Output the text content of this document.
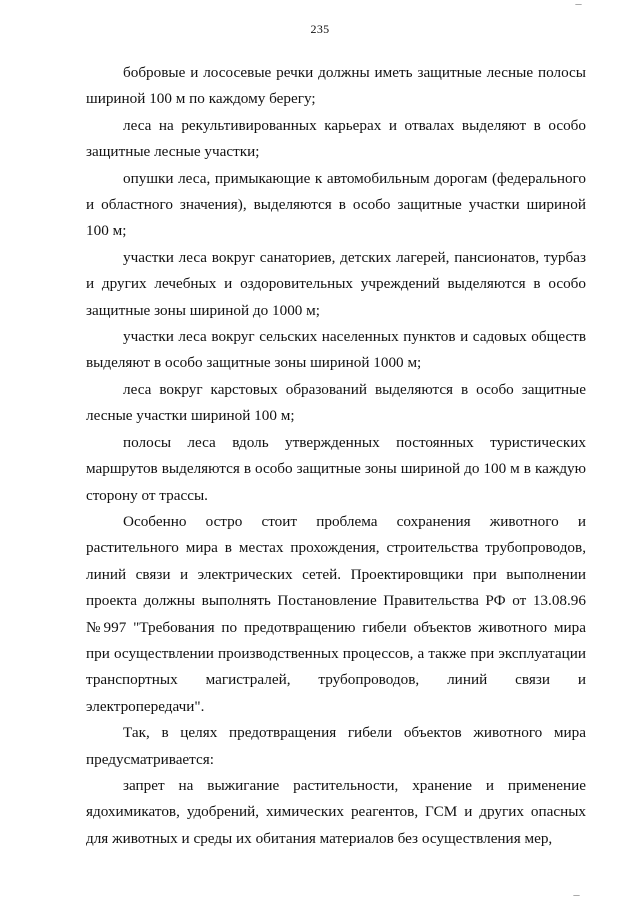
—
235

бобровые и лососевые речки должны иметь защитные лесные полосы шириной 100 м по каждому берегу;

леса на рекультивированных карьерах и отвалах выделяют в особо защитные лесные участки;

опушки леса, примыкающие к автомобильным дорогам (федерального и областного значения), выделяются в особо защитные участки шириной 100 м;

участки леса вокруг санаториев, детских лагерей, пансионатов, турбаз и других лечебных и оздоровительных учреждений выделяются в особо защитные зоны шириной до 1000 м;

участки леса вокруг сельских населенных пунктов и садовых обществ выделяют в особо защитные зоны шириной 1000 м;

леса вокруг карстовых образований выделяются в особо защитные лесные участки шириной 100 м;

полосы леса вдоль утвержденных постоянных туристических маршрутов выделяются в особо защитные зоны шириной до 100 м в каждую сторону от трассы.

Особенно остро стоит проблема сохранения животного и растительного мира в местах прохождения, строительства трубопроводов, линий связи и электрических сетей. Проектировщики при выполнении проекта должны выполнять Постановление Правительства РФ от 13.08.96 №997 "Требования по предотвращению гибели объектов животного мира при осуществлении производственных процессов, а также при эксплуатации транспортных магистралей, трубопроводов, линий связи и электропередачи".

Так, в целях предотвращения гибели объектов животного мира предусматривается:

запрет на выжигание растительности, хранение и применение ядохимикатов, удобрений, химических реагентов, ГСМ и других опасных для животных и среды их обитания материалов без осуществления мер,

—
